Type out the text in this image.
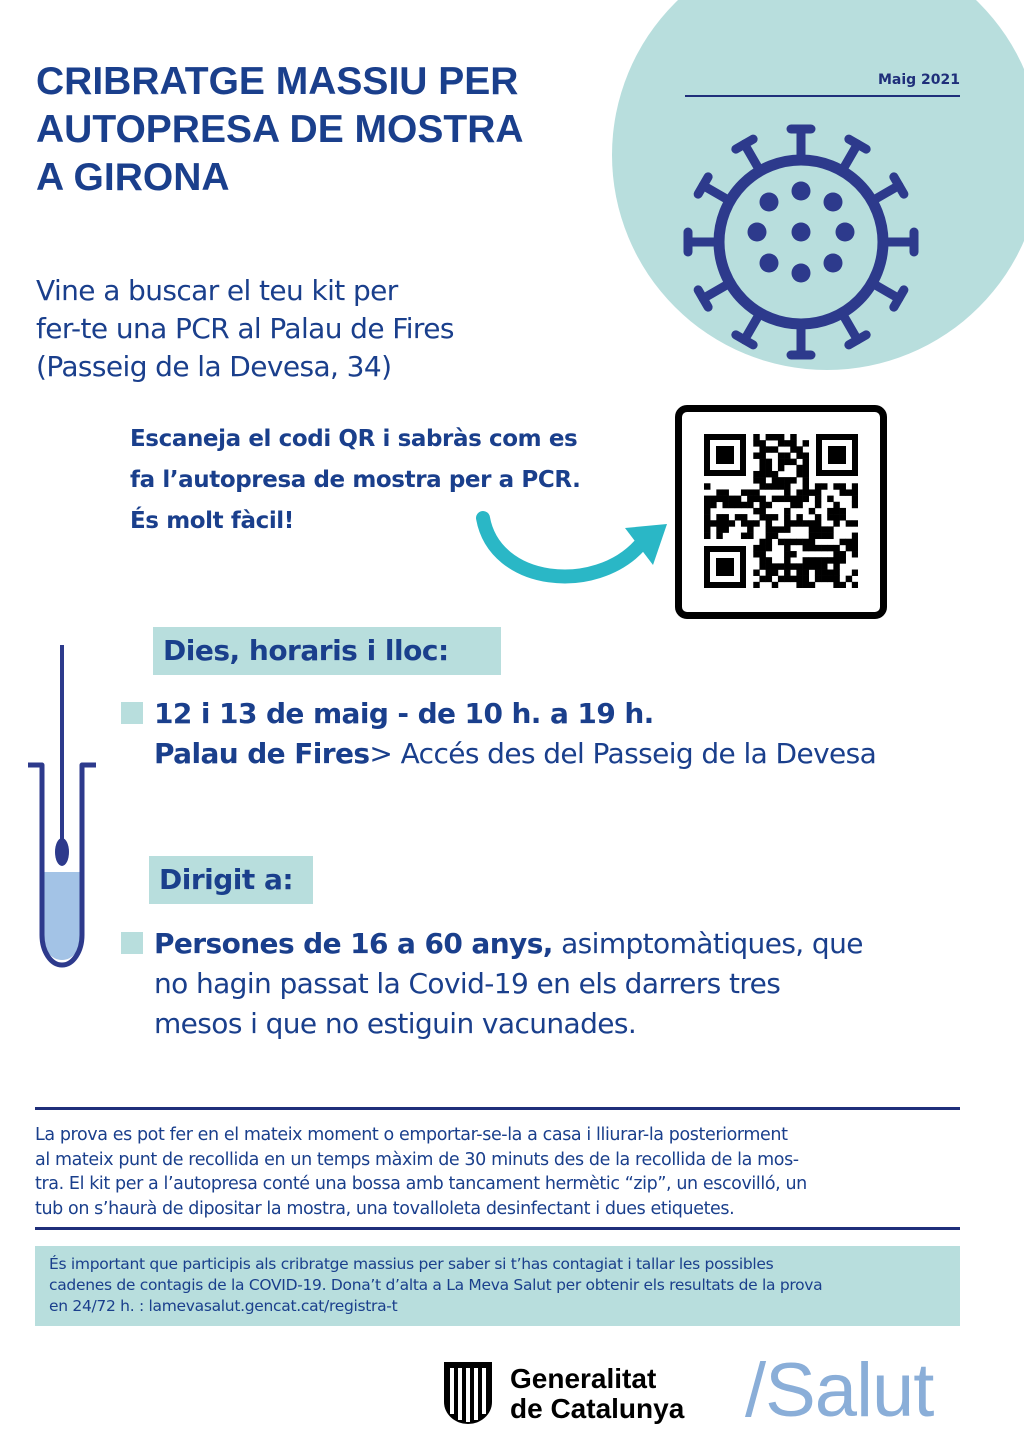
Maig 2021
CRIBRATGE MASSIU PER
AUTOPRESA DE MOSTRA
A GIRONA
Vine a buscar el teu kit per
fer-te una PCR al Palau de Fires
(Passeig de la Devesa, 34)
Escaneja el codi QR i sabràs com es
fa l’autopresa de mostra per a PCR.
És molt fàcil!
Dies, horaris i lloc:
12 i 13 de maig - de 10 h. a 19 h.
Palau de Fires> Accés des del Passeig de la Devesa
Dirigit a:
Persones de 16 a 60 anys, asimptomàtiques, que
no hagin passat la Covid-19 en els darrers tres
mesos i que no estiguin vacunades.
La prova es pot fer en el mateix moment o emportar-se-la a casa i lliurar-la posteriorment
al mateix punt de recollida en un temps màxim de 30 minuts des de la recollida de la mos-
tra. El kit per a l’autopresa conté una bossa amb tancament hermètic “zip”, un escovilló, un
tub on s’haurà de dipositar la mostra, una tovalloleta desinfectant i dues etiquetes.
És important que participis als cribratge massius per saber si t’has contagiat i tallar les possibles
cadenes de contagis de la COVID-19. Dona’t d’alta a La Meva Salut per obtenir els resultats de la prova
en 24/72 h. : lamevasalut.gencat.cat/registra-t
Generalitat
de Catalunya /Salut
